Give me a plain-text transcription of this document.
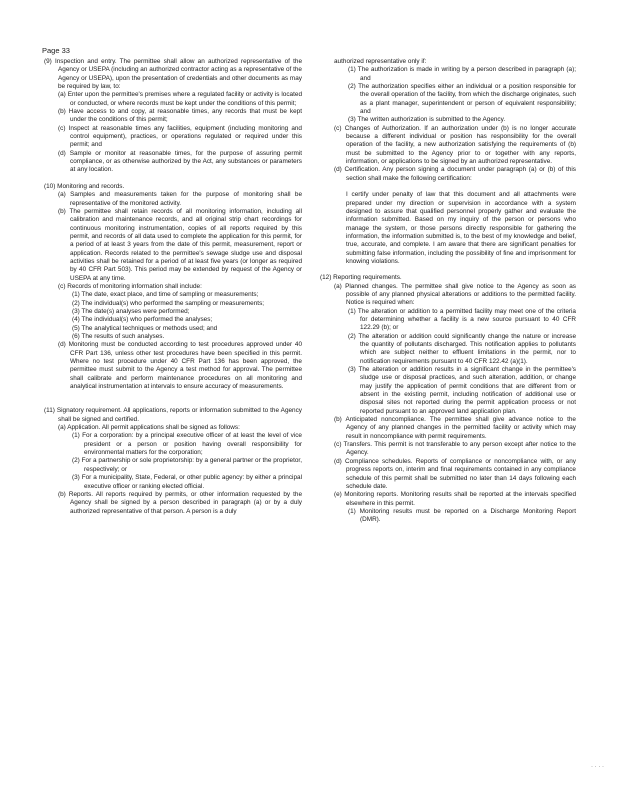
Page 33

(9) Inspection and entry. The permittee shall allow an authorized representative of the Agency or USEPA (including an authorized contractor acting as a representative of the Agency or USEPA), upon the presentation of credentials and other documents as may be required by law, to:

(a) Enter upon the permittee's premises where a regulated facility or activity is located or conducted, or where records must be kept under the conditions of this permit;

(b) Have access to and copy, at reasonable times, any records that must be kept under the conditions of this permit;

(c) Inspect at reasonable times any facilities, equipment (including monitoring and control equipment), practices, or operations regulated or required under this permit; and

(d) Sample or monitor at reasonable times, for the purpose of assuring permit compliance, or as otherwise authorized by the Act, any substances or parameters at any location.

(10) Monitoring and records.

(a) Samples and measurements taken for the purpose of monitoring shall be representative of the monitored activity.

(b) The permittee shall retain records of all monitoring information, including all calibration and maintenance records, and all original strip chart recordings for continuous monitoring instrumentation, copies of all reports required by this permit, and records of all data used to complete the application for this permit, for a period of at least 3 years from the date of this permit, measurement, report or application. Records related to the permittee's sewage sludge use and disposal activities shall be retained for a period of at least five years (or longer as required by 40 CFR Part 503). This period may be extended by request of the Agency or USEPA at any time.

(c) Records of monitoring information shall include:

(1) The date, exact place, and time of sampling or measurements;

(2) The individual(s) who performed the sampling or measurements;

(3) The date(s) analyses were performed;

(4) The individual(s) who performed the analyses;

(5) The analytical techniques or methods used; and

(6) The results of such analyses.

(d) Monitoring must be conducted according to test procedures approved under 40 CFR Part 136, unless other test procedures have been specified in this permit. Where no test procedure under 40 CFR Part 136 has been approved, the permittee must submit to the Agency a test method for approval. The permittee shall calibrate and perform maintenance procedures on all monitoring and analytical instrumentation at intervals to ensure accuracy of measurements.

(11) Signatory requirement. All applications, reports or information submitted to the Agency shall be signed and certified.

(a) Application. All permit applications shall be signed as follows:

(1) For a corporation: by a principal executive officer of at least the level of vice president or a person or position having overall responsibility for environmental matters for the corporation;

(2) For a partnership or sole proprietorship: by a general partner or the proprietor, respectively; or

(3) For a municipality, State, Federal, or other public agency: by either a principal executive officer or ranking elected official.

(b) Reports. All reports required by permits, or other information requested by the Agency shall be signed by a person described in paragraph (a) or by a duly authorized representative of that person. A person is a duly

authorized representative only if:

(1) The authorization is made in writing by a person described in paragraph (a); and

(2) The authorization specifies either an individual or a position responsible for the overall operation of the facility, from which the discharge originates, such as a plant manager, superintendent or person of equivalent responsibility; and

(3) The written authorization is submitted to the Agency.

(c) Changes of Authorization. If an authorization under (b) is no longer accurate because a different individual or position has responsibility for the overall operation of the facility, a new authorization satisfying the requirements of (b) must be submitted to the Agency prior to or together with any reports, information, or applications to be signed by an authorized representative.

(d) Certification. Any person signing a document under paragraph (a) or (b) of this section shall make the following certification:

I certify under penalty of law that this document and all attachments were prepared under my direction or supervision in accordance with a system designed to assure that qualified personnel properly gather and evaluate the information submitted. Based on my inquiry of the person or persons who manage the system, or those persons directly responsible for gathering the information, the information submitted is, to the best of my knowledge and belief, true, accurate, and complete. I am aware that there are significant penalties for submitting false information, including the possibility of fine and imprisonment for knowing violations.

(12) Reporting requirements.

(a) Planned changes. The permittee shall give notice to the Agency as soon as possible of any planned physical alterations or additions to the permitted facility. Notice is required when:

(1) The alteration or addition to a permitted facility may meet one of the criteria for determining whether a facility is a new source pursuant to 40 CFR 122.29 (b); or

(2) The alteration or addition could significantly change the nature or increase the quantity of pollutants discharged. This notification applies to pollutants which are subject neither to effluent limitations in the permit, nor to notification requirements pursuant to 40 CFR 122.42 (a)(1).

(3) The alteration or addition results in a significant change in the permittee's sludge use or disposal practices, and such alteration, addition, or change may justify the application of permit conditions that are different from or absent in the existing permit, including notification of additional use or disposal sites not reported during the permit application process or not reported pursuant to an approved land application plan.

(b) Anticipated noncompliance. The permittee shall give advance notice to the Agency of any planned changes in the permitted facility or activity which may result in noncompliance with permit requirements.

(c) Transfers. This permit is not transferable to any person except after notice to the Agency.

(d) Compliance schedules. Reports of compliance or noncompliance with, or any progress reports on, interim and final requirements contained in any compliance schedule of this permit shall be submitted no later than 14 days following each schedule date.

(e) Monitoring reports. Monitoring results shall be reported at the intervals specified elsewhere in this permit.

(1) Monitoring results must be reported on a Discharge Monitoring Report (DMR).

· · · ·
